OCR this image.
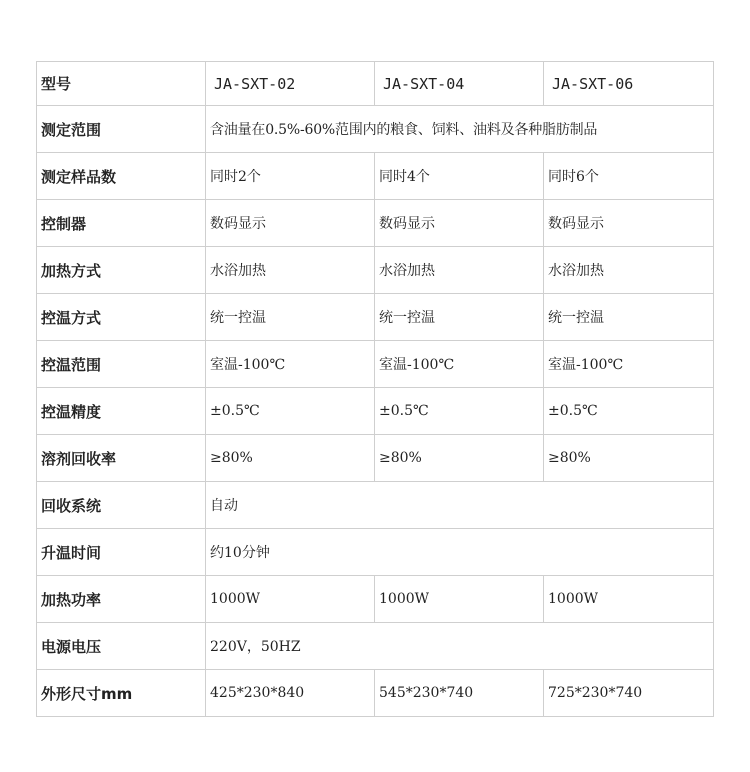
型号	JA-SXT-02	JA-SXT-04	JA-SXT-06
测定范围	含油量在0.5%-60%范围内的粮食、饲料、油料及各种脂肪制品		
测定样品数	同时2个	同时4个	同时6个
控制器	数码显示	数码显示	数码显示
加热方式	水浴加热	水浴加热	水浴加热
控温方式	统一控温	统一控温	统一控温
控温范围	室温-100℃	室温-100℃	室温-100℃
控温精度	±0.5℃	±0.5℃	±0.5℃
溶剂回收率	≥80%	≥80%	≥80%
回收系统	自动		
升温时间	约10分钟		
加热功率	1000W	1000W	1000W
电源电压	220V，50HZ		
外形尺寸mm	425*230*840	545*230*740	725*230*740
